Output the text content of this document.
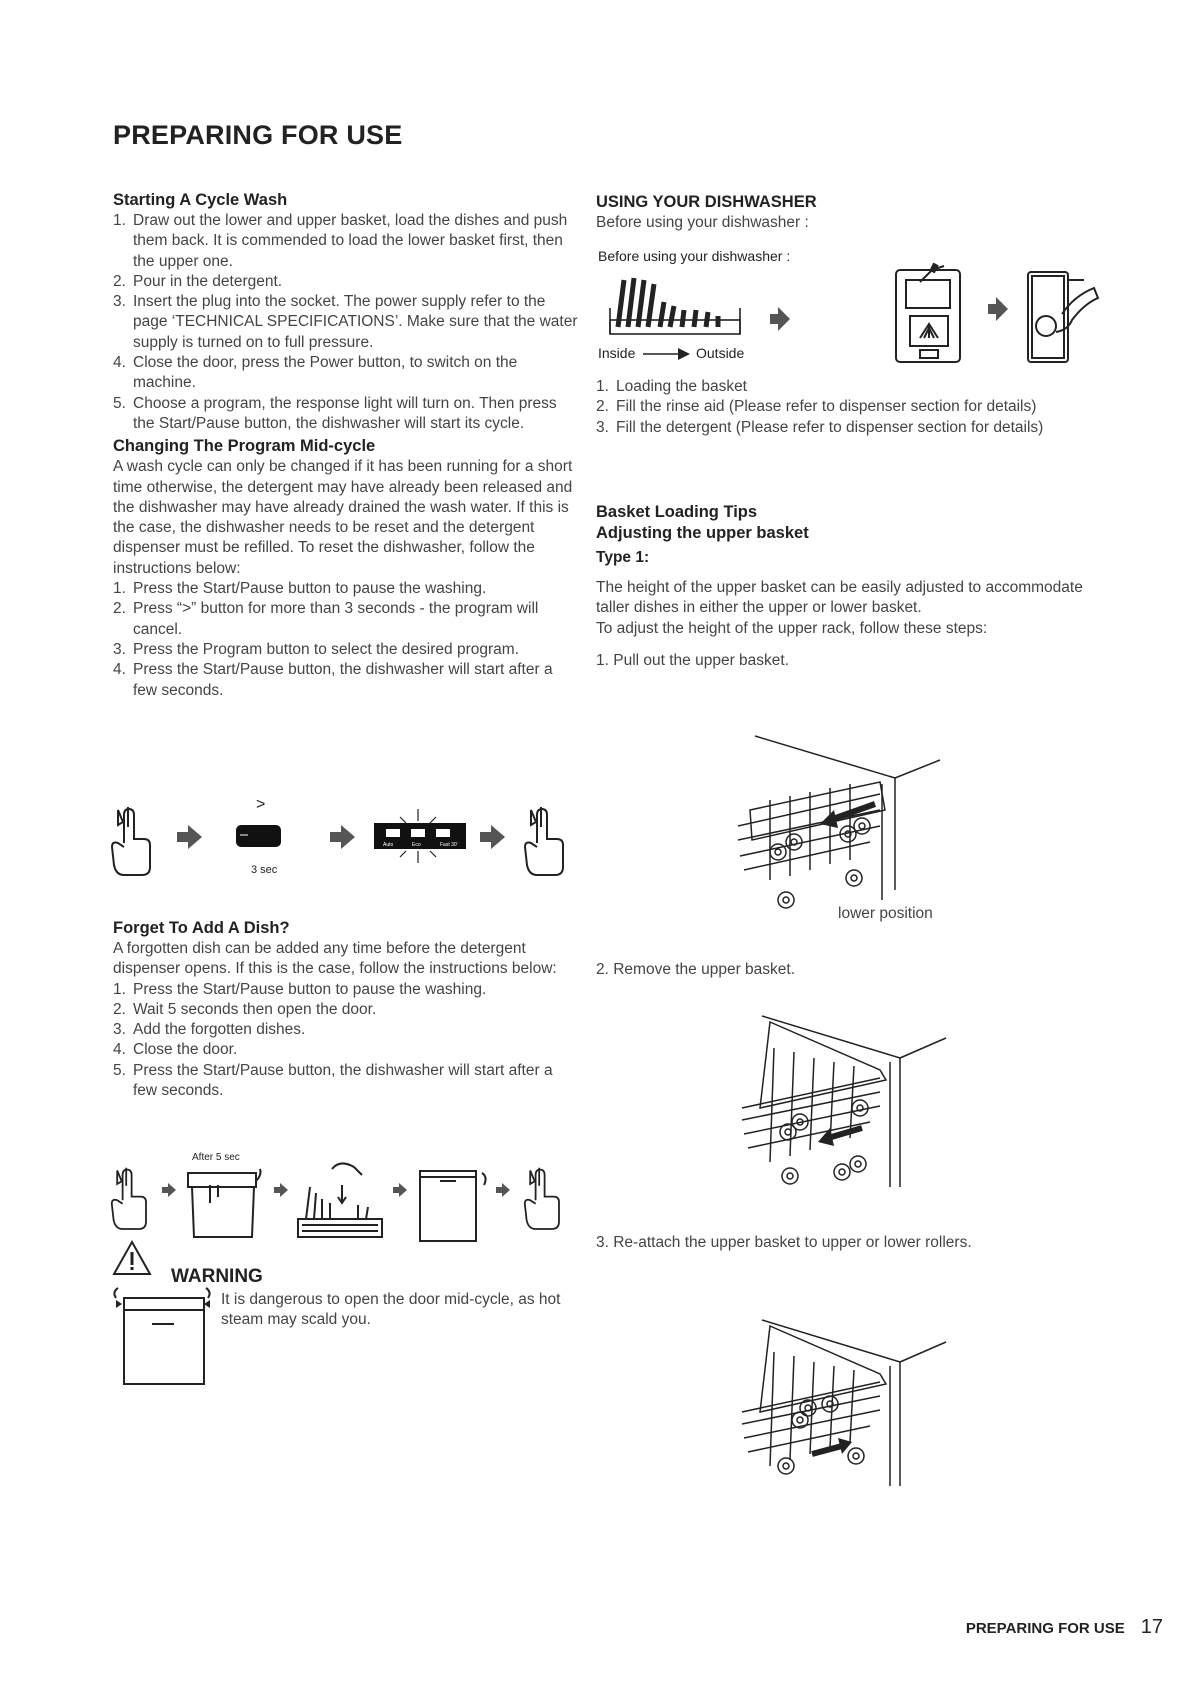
PREPARING FOR USE
Starting A Cycle Wash
1. Draw out the lower and upper basket, load the dishes and push them back. It is commended to load the lower basket first, then the upper one.
2. Pour in the detergent.
3. Insert the plug into the socket. The power supply refer to the page ‘TECHNICAL SPECIFICATIONS’. Make sure that the water supply is turned on to full pressure.
4. Close the door, press the Power button, to switch on the machine.
5. Choose a program, the response light will turn on. Then press the Start/Pause button, the dishwasher will start its cycle.
Changing The Program Mid-cycle

A wash cycle can only be changed if it has been running for a short time otherwise, the detergent may have already been released and the dishwasher may have already drained the wash water. If this is the case, the dishwasher needs to be reset and the detergent dispenser must be refilled. To reset the dishwasher, follow the instructions below:

1. Press the Start/Pause button to pause the washing.
2. Press “>” button for more than 3 seconds - the program will cancel.
3. Press the Program button to select the desired program.
4. Press the Start/Pause button, the dishwasher will start after a few seconds.
>
3 sec
Auto	Eco	Fast 30'
Forget To Add A Dish?

A forgotten dish can be added any time before the detergent dispenser opens. If this is the case, follow the instructions below:

1. Press the Start/Pause button to pause the washing.
2. Wait 5 seconds then open the door.
3. Add the forgotten dishes.
4. Close the door.
5. Press the Start/Pause button, the dishwasher will start after a few seconds.
After 5 sec
WARNING
It is dangerous to open the door mid-cycle, as hot steam may scald you.
USING YOUR DISHWASHER

Before using your dishwasher :

Before using your dishwasher :
Inside	Outside
1. Loading the basket
2. Fill the rinse aid (Please refer to dispenser section for details)
3. Fill the detergent (Please refer to dispenser section for details)
Basket Loading Tips
Adjusting the upper basket
Type 1:

The height of the upper basket can be easily adjusted to accommodate taller dishes in either the upper or lower basket.

To adjust the height of the upper rack, follow these steps:

1. Pull out the upper basket.

lower position
2. Remove the upper basket.
3. Re-attach the upper basket to upper or lower rollers.
PREPARING FOR USE 17
